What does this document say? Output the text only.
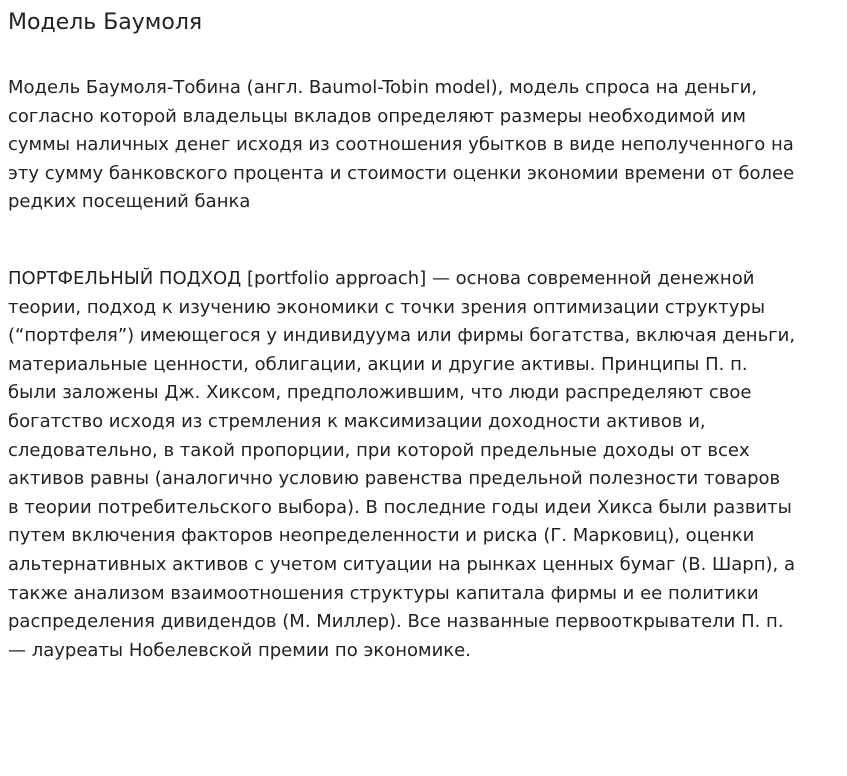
Модель Баумоля

Модель Баумоля-Тобина (англ. Baumol-Tobin model), модель спроса на деньги,
согласно которой владельцы вкладов определяют размеры необходимой им
суммы наличных денег исходя из соотношения убытков в виде неполученного на
эту сумму банковского процента и стоимости оценки экономии времени от более
редких посещений банка

ПОРТФЕЛЬНЫЙ ПОДХОД [portfolio approach] — основа современной денежной
теории, подход к изучению экономики с точки зрения оптимизации структуры
(“портфеля”) имеющегося у индивидуума или фирмы богатства, включая деньги,
материальные ценности, облигации, акции и другие активы. Принципы П. п.
были заложены Дж. Хиксом, предположившим, что люди распределяют свое
богатство исходя из стремления к максимизации доходности активов и,
следовательно, в такой пропорции, при которой предельные доходы от всех
активов равны (аналогично условию равенства предельной полезности товаров
в теории потребительского выбора). В последние годы идеи Хикса были развиты
путем включения факторов неопределенности и риска (Г. Марковиц), оценки
альтернативных активов с учетом ситуации на рынках ценных бумаг (В. Шарп), а
также анализом взаимоотношения структуры капитала фирмы и ее политики
распределения дивидендов (М. Миллер). Все названные первооткрыватели П. п.
— лауреаты Нобелевской премии по экономике.
